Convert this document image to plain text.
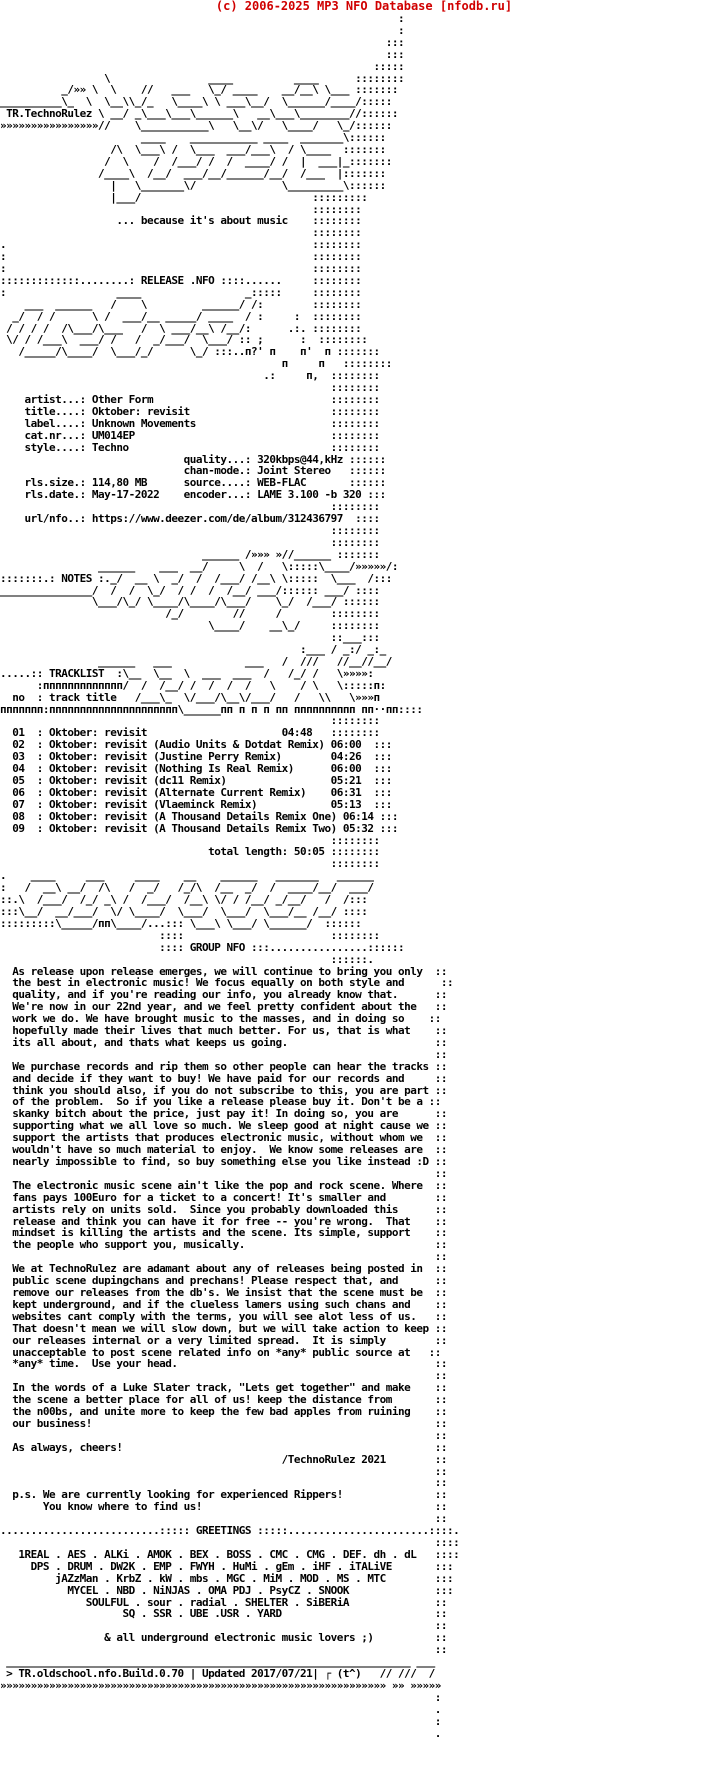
(c) 2006-2025 MP3 NFO Database [nfodb.ru]
:
:
:::
:::
:::::
\                ____          ____      ::::::::
_/»» \  \    //   ___   \_/ ____    __/__\ \___ :::::::
__________\_  \  \__\\_/_   \____\ \ ___\__/  \______/____/:::::
TR.TechnoRulez \ __/ _\___\___\______\   __\___\________//::::::
»»»»»»»»»»»»»»»»//    \___________\   \__\/   \____/   \_/::::::
____    ___________ ____  _______\::::::
/\  \___\ /  \___  ___/___\  / \____  :::::::
/  \    /  /___/ /  /  ____/ /  |  ___|_:::::::
/____\  /__/  ___/__/______/__/  /___  |:::::::
|   \_______\/              \_________\::::::
|___/                            :::::::::
::::::::
... because it's about music    ::::::::
::::::::
.                                                  ::::::::
:                                                  ::::::::
:                                                  ::::::::
:::::::::::::........: RELEASE .NFO ::::......     ::::::::
:                  ____                 _:::::     ::::::::
___  ______   /    \         ______/ /:        ::::::::
_/  / /      \ /  ___/__ _____/ ____  / :     :  ::::::::
/ / / /  /\___/\___   /  \ ___/__\ /__/:      .:. ::::::::
\/ / /___\  ___/ /   /  _/___/  \___/ :: ;      :  ::::::::
/_____/\____/  \___/_/      \_/ :::..п?' п    п'  п :::::::
п     п   ::::::::
.:     п,  ::::::::
::::::::
artist...: Other Form                             ::::::::
title....: Oktober: revisit                       ::::::::
label....: Unknown Movements                      ::::::::
cat.nr...: UM014EP                                ::::::::
style....: Techno                                 ::::::::
quality...: 320kbps@44,kHz ::::::
chan-mode.: Joint Stereo   ::::::
rls.size.: 114,80 MB      source....: WEB-FLAC       ::::::
rls.date.: May-17-2022    encoder...: LAME 3.100 -b 320 :::
::::::::
url/nfo..: https://www.deezer.com/de/album/312436797  ::::
::::::::
::::::::
______ /»»» »//______ :::::::
______    ___  __/     \  /   \:::::\____/»»»»»/:
:::::::.: NOTES :._/  __ \  _/  /  /___/ /__\ \:::::  \___  /:::
_______________/  /  /  \_/  / /  /  /__/ ___/:::::: ___/ ::::
\___/\_/ \____/\____/\___/    \_/  /___/ ::::::
/_/        //     /        ::::::::
\____/    __\_/     ::::::::
::___:::
:___ / _:/ _:_
______   ___            ___   /  ///   //__//__/
.....:: TRACKLIST  :\__  \__  \  ___  ___  /   /_/ /   \»»»»:
:ппппппппппппп/  /  /__/ /  /  /  /   \    / \   \:::::п:
no  : track title   /___\_  \/___/\__\/___/   /   \\   \»»»п
ппппппп:ппппппппппппппппппппп\______пп п п п пп пппппппппп пп··пп::::
::::::::
01  : Oktober: revisit                      04:48   ::::::::
02  : Oktober: revisit (Audio Units & Dotdat Remix) 06:00  :::
03  : Oktober: revisit (Justine Perry Remix)        04:26  :::
04  : Oktober: revisit (Nothing Is Real Remix)      06:00  :::
05  : Oktober: revisit (dc11 Remix)                 05:21  :::
06  : Oktober: revisit (Alternate Current Remix)    06:31  :::
07  : Oktober: revisit (Vlaeminck Remix)            05:13  :::
08  : Oktober: revisit (A Thousand Details Remix One) 06:14 :::
09  : Oktober: revisit (A Thousand Details Remix Two) 05:32 :::
::::::::
total length: 50:05 ::::::::
::::::::
.    ____     ___     ____    __    ______   _______   ______
:   /  __\ __/  /\   /  _/   /_/\  /__  _/  /  ____/__/  ___/
::.\  /___/  /_/ _\ /  /___/  /__\ \/ / /__/ _/__/   /  /:::
:::\__/  __/___/  \/ \____/  \___/  \___/  \___/__ /__/ ::::
:::::::::\_____/пп\____/...::: \___\ \___/ \______/  ::::::
::::                        ::::::::
:::: GROUP NFO :::................::::::
::::::.
As release upon release emerges, we will continue to bring you only  ::
the best in electronic music! We focus equally on both style and      ::
quality, and if you're reading our info, you already know that.      ::
We're now in our 22nd year, and we feel pretty confident about the   ::
work we do. We have brought music to the masses, and in doing so    ::
hopefully made their lives that much better. For us, that is what    ::
its all about, and thats what keeps us going.                        ::
::
We purchase records and rip them so other people can hear the tracks ::
and decide if they want to buy! We have paid for our records and     ::
think you should also, if you do not subscribe to this, you are part ::
of the problem.  So if you like a release please buy it. Don't be a ::
skanky bitch about the price, just pay it! In doing so, you are      ::
supporting what we all love so much. We sleep good at night cause we ::
support the artists that produces electronic music, without whom we  ::
wouldn't have so much material to enjoy.  We know some releases are  ::
nearly impossible to find, so buy something else you like instead :D ::
::
The electronic music scene ain't like the pop and rock scene. Where  ::
fans pays 100Euro for a ticket to a concert! It's smaller and        ::
artists rely on units sold.  Since you probably downloaded this      ::
release and think you can have it for free -- you're wrong.  That    ::
mindset is killing the artists and the scene. Its simple, support    ::
the people who support you, musically.                               ::
::
We at TechnoRulez are adamant about any of releases being posted in  ::
public scene dupingchans and prechans! Please respect that, and      ::
remove our releases from the db's. We insist that the scene must be  ::
kept underground, and if the clueless lamers using such chans and    ::
websites cant comply with the terms, you will see alot less of us.   ::
That doesn't mean we will slow down, but we will take action to keep ::
our releases internal or a very limited spread.  It is simply        ::
unacceptable to post scene related info on *any* public source at   ::
*any* time.  Use your head.                                          ::
::
In the words of a Luke Slater track, "Lets get together" and make    ::
the scene a better place for all of us! keep the distance from       ::
the n00bs, and unite more to keep the few bad apples from ruining    ::
our business!                                                        ::
::
As always, cheers!                                                   ::
/TechnoRulez 2021        ::
::
::
p.s. We are currently looking for experienced Rippers!               ::
You know where to find us!                                      ::
::
..........................::::: GREETINGS :::::.......................::::.
::::
1REAL . AES . ALKi . AMOK . BEX . BOSS . CMC . CMG . DEF. dh . dL   ::::
DPS . DRUM . DW2K . EMP . FWYH . HuMi . gEm . iHF . iTALiVE       :::
jAZzMan . KrbZ . kW . mbs . MGC . MiM . MOD . MS . MTC        :::
MYCEL . NBD . NiNJAS . OMA PDJ . PsyCZ . SNOOK              :::
SOULFUL . sour . radial . SHELTER . SiBERiA              ::
SQ . SSR . UBE .USR . YARD                         ::
::
& all underground electronic music lovers ;)          ::
::
__________________________________________________________________ ___
> TR.oldschool.nfo.Build.0.70 | Updated 2017/07/21| ┌ (t^)   // ///  /
»»»»»»»»»»»»»»»»»»»»»»»»»»»»»»»»»»»»»»»»»»»»»»»»»»»»»»»»»»»»»»» »» »»»»»
:
.
:
.
